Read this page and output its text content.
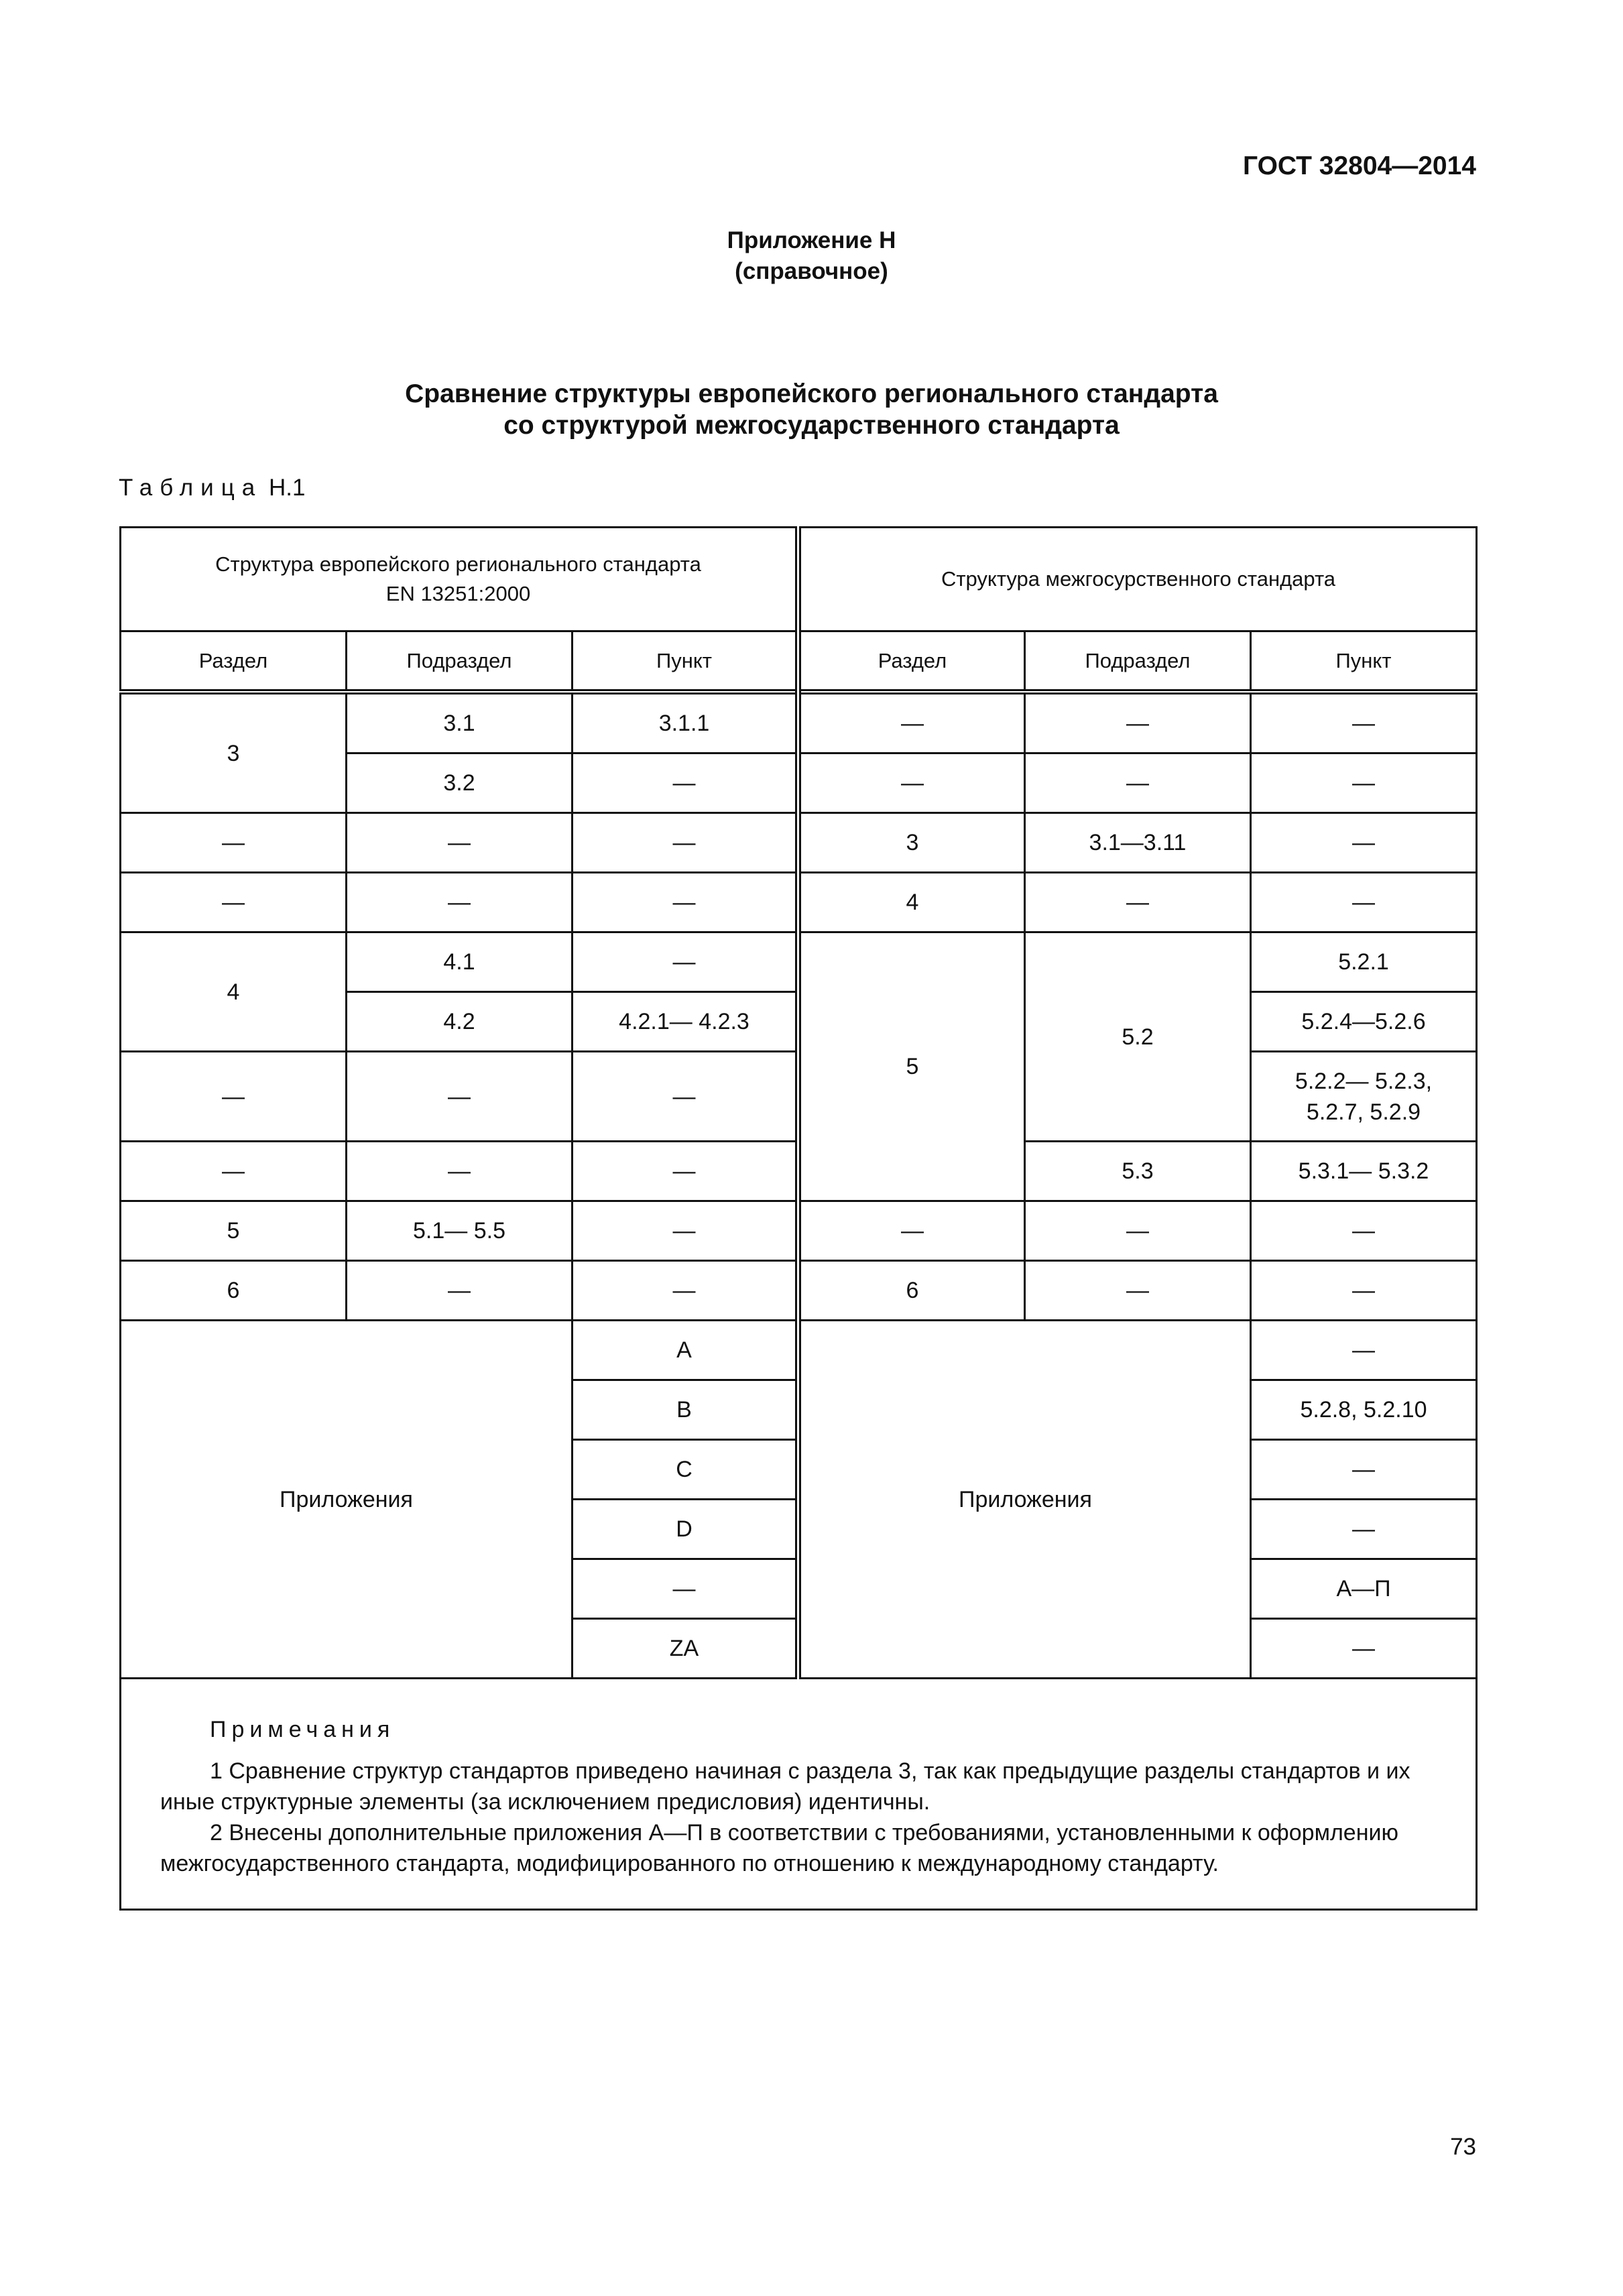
ГОСТ 32804—2014
Приложение Н
(справочное)
Сравнение структуры европейского регионального стандарта
со структурой межгосударственного стандарта
Таблица Н.1
Структура европейского регионального стандарта
EN 13251:2000			Структура межгосурственного стандарта		
Раздел	Подраздел	Пункт	Раздел	Подраздел	Пункт
3	3.1	3.1.1	—	—	—
	3.2	—	—	—	—
—	—	—	3	3.1—3.11	—
—	—	—	4	—	—
4	4.1	—	5	5.2	5.2.1
	4.2	4.2.1— 4.2.3			5.2.4—5.2.6
—	—	—			5.2.2— 5.2.3,
5.2.7, 5.2.9

—	—	—		5.3	5.3.1— 5.3.2
5	5.1— 5.5	—	—	—	—
6	—	—	6	—	—
Приложения		A	Приложения		—
		B			5.2.8, 5.2.10
		C			—
		D			—
		—			А—П
		ZA			—

Примечания
1 Сравнение структур стандартов приведено начиная с раздела 3, так как предыдущие разделы стандартов и их иные структурные элементы (за исключением предисловия) идентичны.
2 Внесены дополнительные приложения А—П в соответствии с требованиями, установленными к оформлению межгосударственного стандарта, модифицированного по отношению к международному стандарту.					
73
